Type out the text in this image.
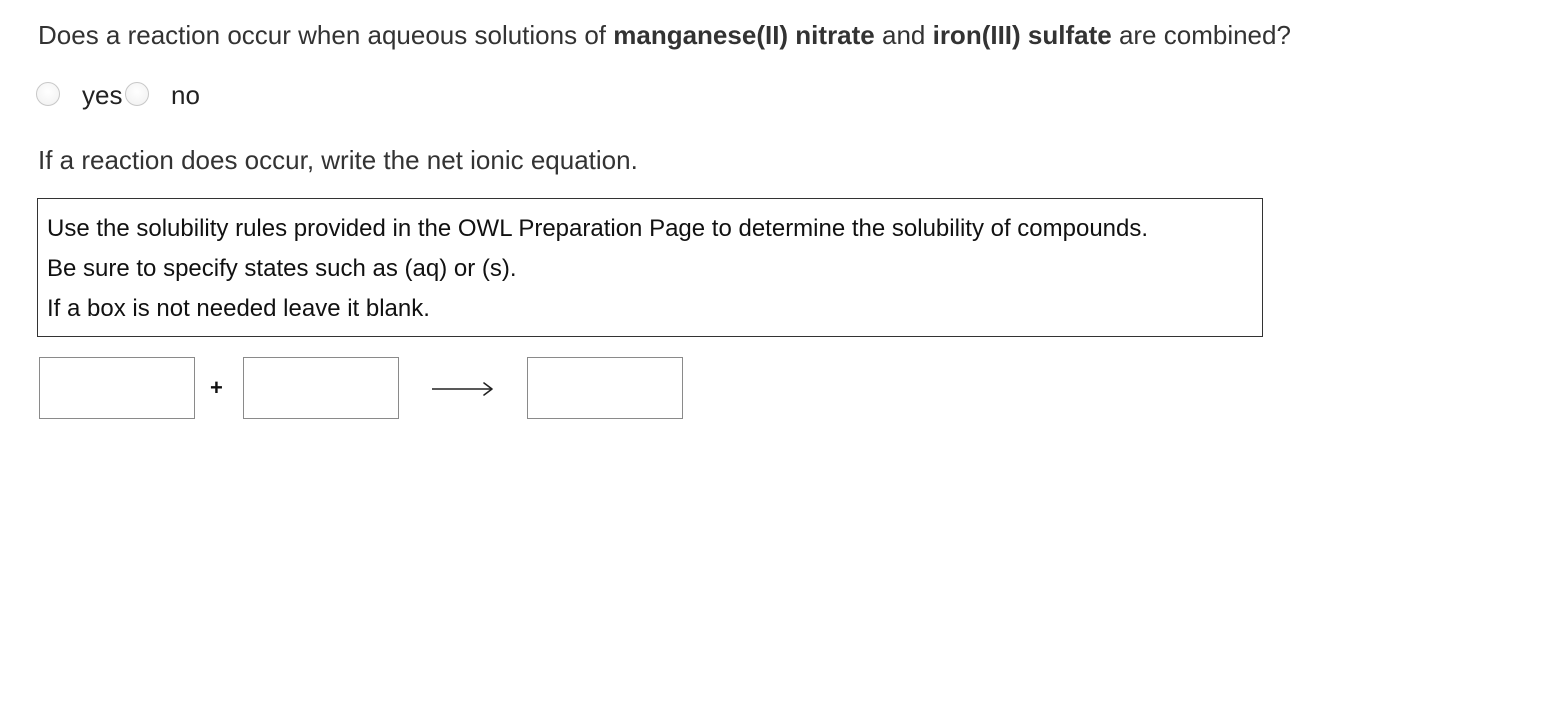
Does a reaction occur when aqueous solutions of manganese(II) nitrate and iron(III) sulfate are combined?
yes no
If a reaction does occur, write the net ionic equation.
Use the solubility rules provided in the OWL Preparation Page to determine the solubility of compounds.
Be sure to specify states such as (aq) or (s).
If a box is not needed leave it blank.
+
